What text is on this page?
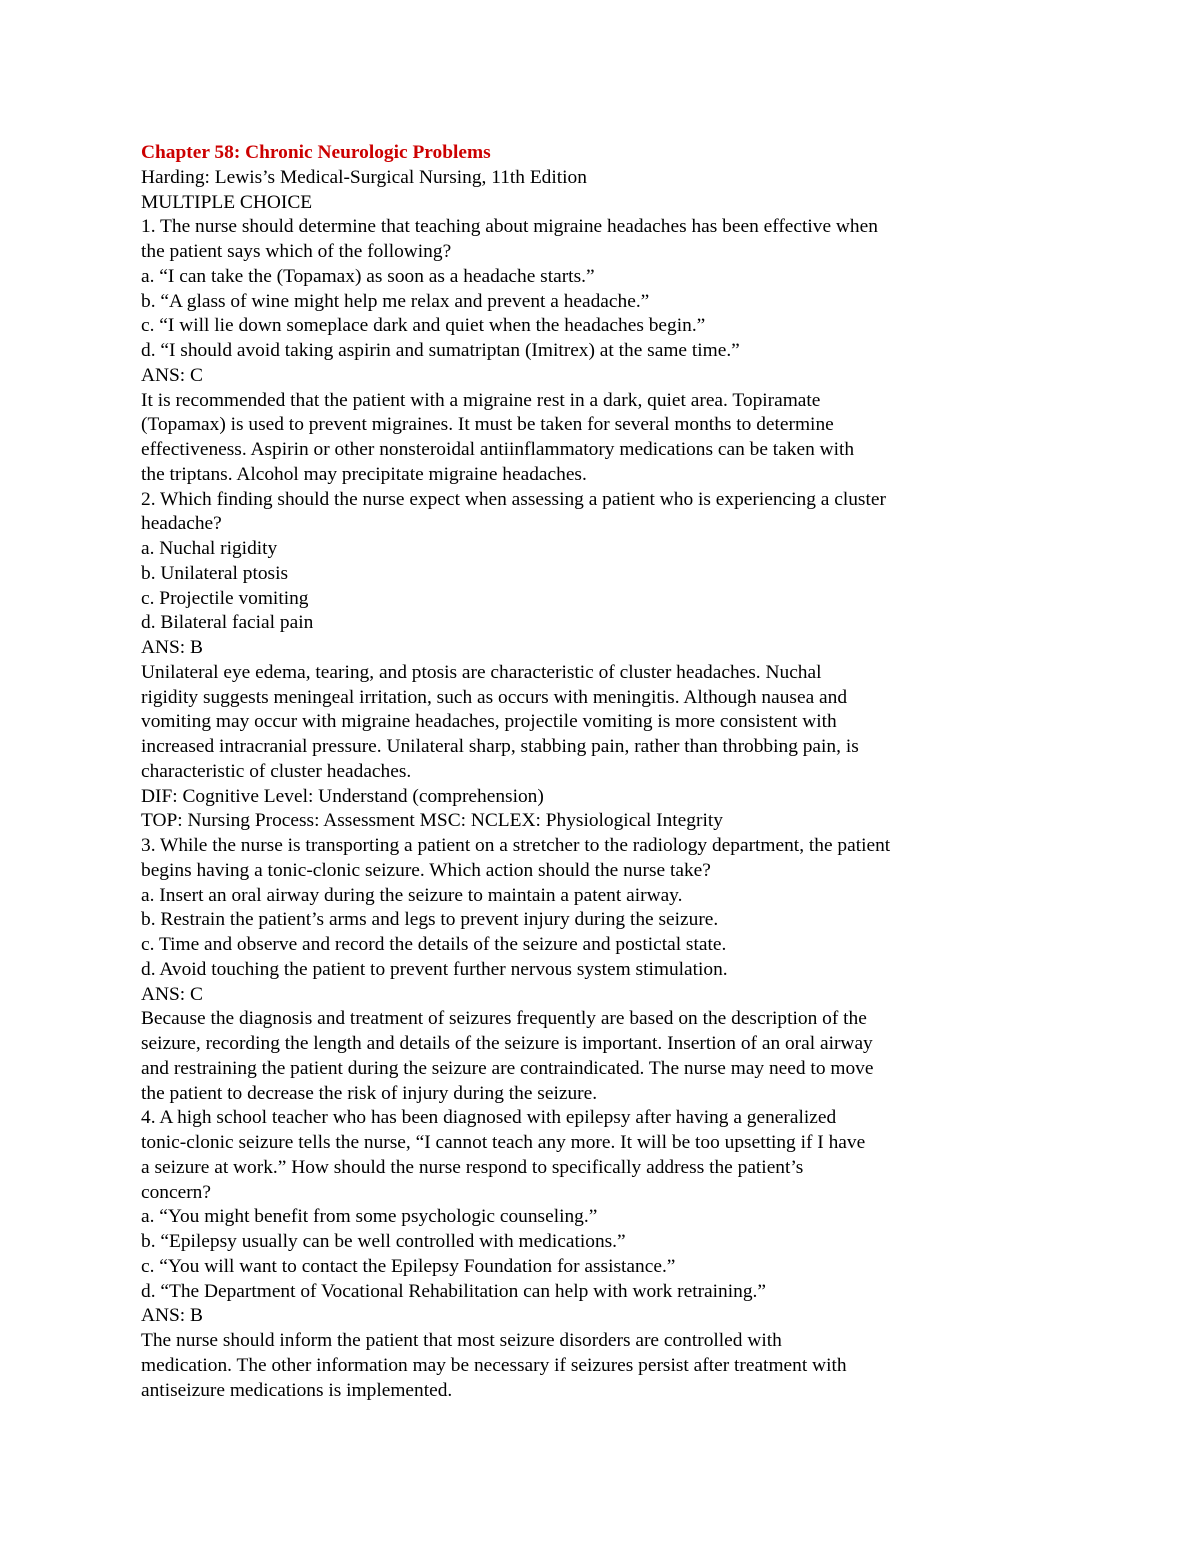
Chapter 58: Chronic Neurologic Problems
Harding: Lewis’s Medical-Surgical Nursing, 11th Edition
MULTIPLE CHOICE
1. The nurse should determine that teaching about migraine headaches has been effective when
the patient says which of the following?
a. “I can take the (Topamax) as soon as a headache starts.”
b. “A glass of wine might help me relax and prevent a headache.”
c. “I will lie down someplace dark and quiet when the headaches begin.”
d. “I should avoid taking aspirin and sumatriptan (Imitrex) at the same time.”
ANS: C
It is recommended that the patient with a migraine rest in a dark, quiet area. Topiramate
(Topamax) is used to prevent migraines. It must be taken for several months to determine
effectiveness. Aspirin or other nonsteroidal antiinflammatory medications can be taken with
the triptans. Alcohol may precipitate migraine headaches.
2. Which finding should the nurse expect when assessing a patient who is experiencing a cluster
headache?
a. Nuchal rigidity
b. Unilateral ptosis
c. Projectile vomiting
d. Bilateral facial pain
ANS: B
Unilateral eye edema, tearing, and ptosis are characteristic of cluster headaches. Nuchal
rigidity suggests meningeal irritation, such as occurs with meningitis. Although nausea and
vomiting may occur with migraine headaches, projectile vomiting is more consistent with
increased intracranial pressure. Unilateral sharp, stabbing pain, rather than throbbing pain, is
characteristic of cluster headaches.
DIF: Cognitive Level: Understand (comprehension)
TOP: Nursing Process: Assessment MSC: NCLEX: Physiological Integrity
3. While the nurse is transporting a patient on a stretcher to the radiology department, the patient
begins having a tonic-clonic seizure. Which action should the nurse take?
a. Insert an oral airway during the seizure to maintain a patent airway.
b. Restrain the patient’s arms and legs to prevent injury during the seizure.
c. Time and observe and record the details of the seizure and postictal state.
d. Avoid touching the patient to prevent further nervous system stimulation.
ANS: C
Because the diagnosis and treatment of seizures frequently are based on the description of the
seizure, recording the length and details of the seizure is important. Insertion of an oral airway
and restraining the patient during the seizure are contraindicated. The nurse may need to move
the patient to decrease the risk of injury during the seizure.
4. A high school teacher who has been diagnosed with epilepsy after having a generalized
tonic-clonic seizure tells the nurse, “I cannot teach any more. It will be too upsetting if I have
a seizure at work.” How should the nurse respond to specifically address the patient’s
concern?
a. “You might benefit from some psychologic counseling.”
b. “Epilepsy usually can be well controlled with medications.”
c. “You will want to contact the Epilepsy Foundation for assistance.”
d. “The Department of Vocational Rehabilitation can help with work retraining.”
ANS: B
The nurse should inform the patient that most seizure disorders are controlled with
medication. The other information may be necessary if seizures persist after treatment with
antiseizure medications is implemented.
